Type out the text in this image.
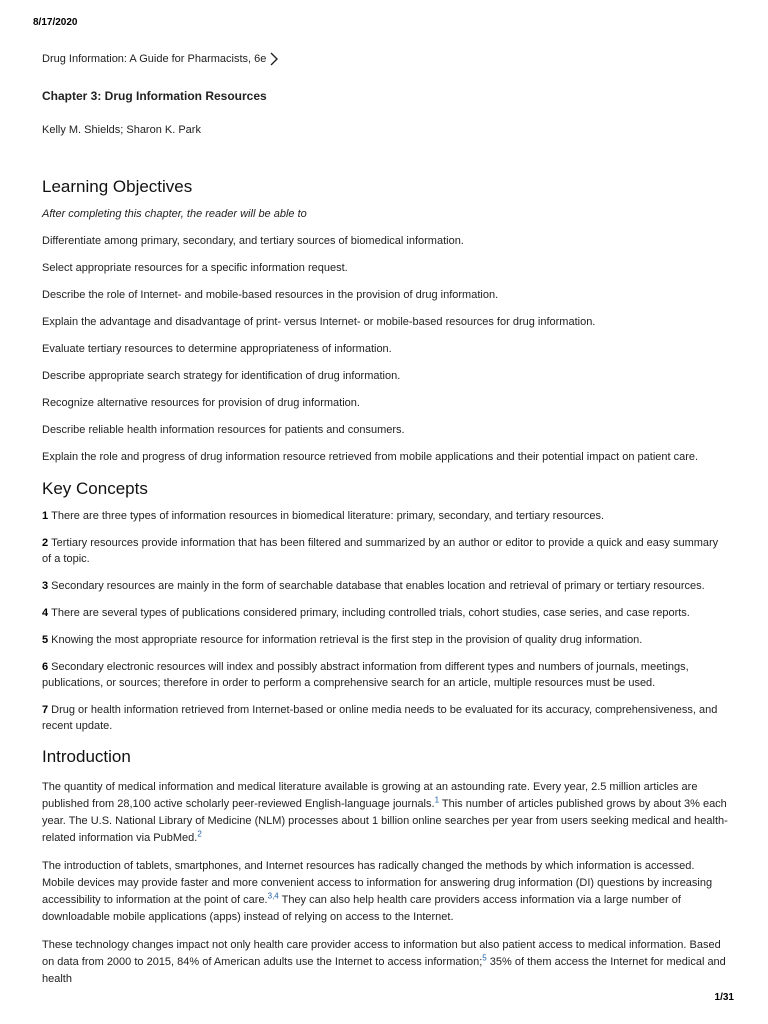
8/17/2020
Drug Information: A Guide for Pharmacists, 6e
Chapter 3: Drug Information Resources
Kelly M. Shields; Sharon K. Park
Learning Objectives
After completing this chapter, the reader will be able to
Differentiate among primary, secondary, and tertiary sources of biomedical information.
Select appropriate resources for a specific information request.
Describe the role of Internet- and mobile-based resources in the provision of drug information.
Explain the advantage and disadvantage of print- versus Internet- or mobile-based resources for drug information.
Evaluate tertiary resources to determine appropriateness of information.
Describe appropriate search strategy for identification of drug information.
Recognize alternative resources for provision of drug information.
Describe reliable health information resources for patients and consumers.
Explain the role and progress of drug information resource retrieved from mobile applications and their potential impact on patient care.
Key Concepts
1 There are three types of information resources in biomedical literature: primary, secondary, and tertiary resources.
2 Tertiary resources provide information that has been filtered and summarized by an author or editor to provide a quick and easy summary of a topic.
3 Secondary resources are mainly in the form of searchable database that enables location and retrieval of primary or tertiary resources.
4 There are several types of publications considered primary, including controlled trials, cohort studies, case series, and case reports.
5 Knowing the most appropriate resource for information retrieval is the first step in the provision of quality drug information.
6 Secondary electronic resources will index and possibly abstract information from different types and numbers of journals, meetings, publications, or sources; therefore in order to perform a comprehensive search for an article, multiple resources must be used.
7 Drug or health information retrieved from Internet-based or online media needs to be evaluated for its accuracy, comprehensiveness, and recent update.
Introduction
The quantity of medical information and medical literature available is growing at an astounding rate. Every year, 2.5 million articles are published from 28,100 active scholarly peer-reviewed English-language journals.$^1$ This number of articles published grows by about 3% each year. The U.S. National Library of Medicine (NLM) processes about 1 billion online searches per year from users seeking medical and health-related information via PubMed.$^2$
The introduction of tablets, smartphones, and Internet resources has radically changed the methods by which information is accessed. Mobile devices may provide faster and more convenient access to information for answering drug information (DI) questions by increasing accessibility to information at the point of care.$^{3,4}$ They can also help health care providers access information via a large number of downloadable mobile applications (apps) instead of relying on access to the Internet.
These technology changes impact not only health care provider access to information but also patient access to medical information. Based on data from 2000 to 2015, 84% of American adults use the Internet to access information;$^5$ 35% of them access the Internet for medical and health
1/31
